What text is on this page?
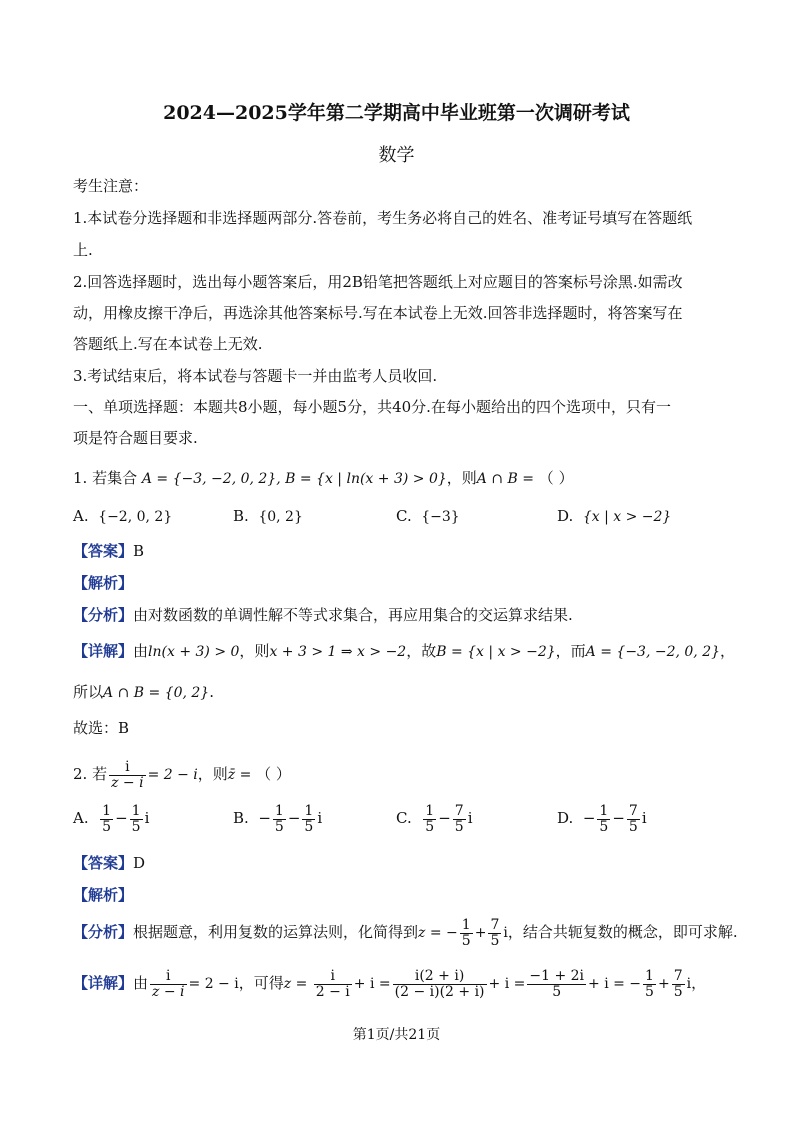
2024—2025学年第二学期高中毕业班第一次调研考试
数学
考生注意：
1.本试卷分选择题和非选择题两部分.答卷前，考生务必将自己的姓名、准考证号填写在答题纸
上.
2.回答选择题时，选出每小题答案后，用2B铅笔把答题纸上对应题目的答案标号涂黑.如需改
动，用橡皮擦干净后，再选涂其他答案标号.写在本试卷上无效.回答非选择题时，将答案写在
答题纸上.写在本试卷上无效.
3.考试结束后，将本试卷与答题卡一并由监考人员收回.
一、单项选择题：本题共8小题，每小题5分，共40分.在每小题给出的四个选项中，只有一
项是符合题目要求.
1. 若集合 A = {−3, −2, 0, 2}, B = {x | ln(x + 3) > 0}，则A ∩ B = （ ）
A. {−2, 0, 2}	B. {0, 2}	C. {−3}	D. {x | x > −2}
【答案】B
【解析】
【分析】由对数函数的单调性解不等式求集合，再应用集合的交运算求结果.
【详解】由ln(x + 3) > 0，则x + 3 > 1 ⇒ x > −2，故B = {x | x > −2}，而A = {−3, −2, 0, 2}，
所以A ∩ B = {0, 2}.
故选：B
2. 若 $\frac{i}{z - i} = 2 - i$，则z̄ = （ ）
A. $\frac{1}{5} - \frac{1}{5}$ i	B. − $\frac{1}{5} - \frac{1}{5}$ i	C. $\frac{1}{5} - \frac{7}{5}$ i	D. − $\frac{1}{5} - \frac{7}{5}$ i
【答案】D
【解析】
【分析】根据题意，利用复数的运算法则，化简得到z = − $\frac{1}{5} + \frac{7}{5}$ i，结合共轭复数的概念，即可求解.
【详解】由 $\frac{i}{z - i} = 2 - i$，可得$z = \frac{i}{2 - i} + i = \frac{i(2 + i)}{(2 - i)(2 + i)} + i = \frac{-1 + 2i}{5} + i$ = − $\frac{1}{5} + \frac{7}{5}$ i，
第1页/共21页
